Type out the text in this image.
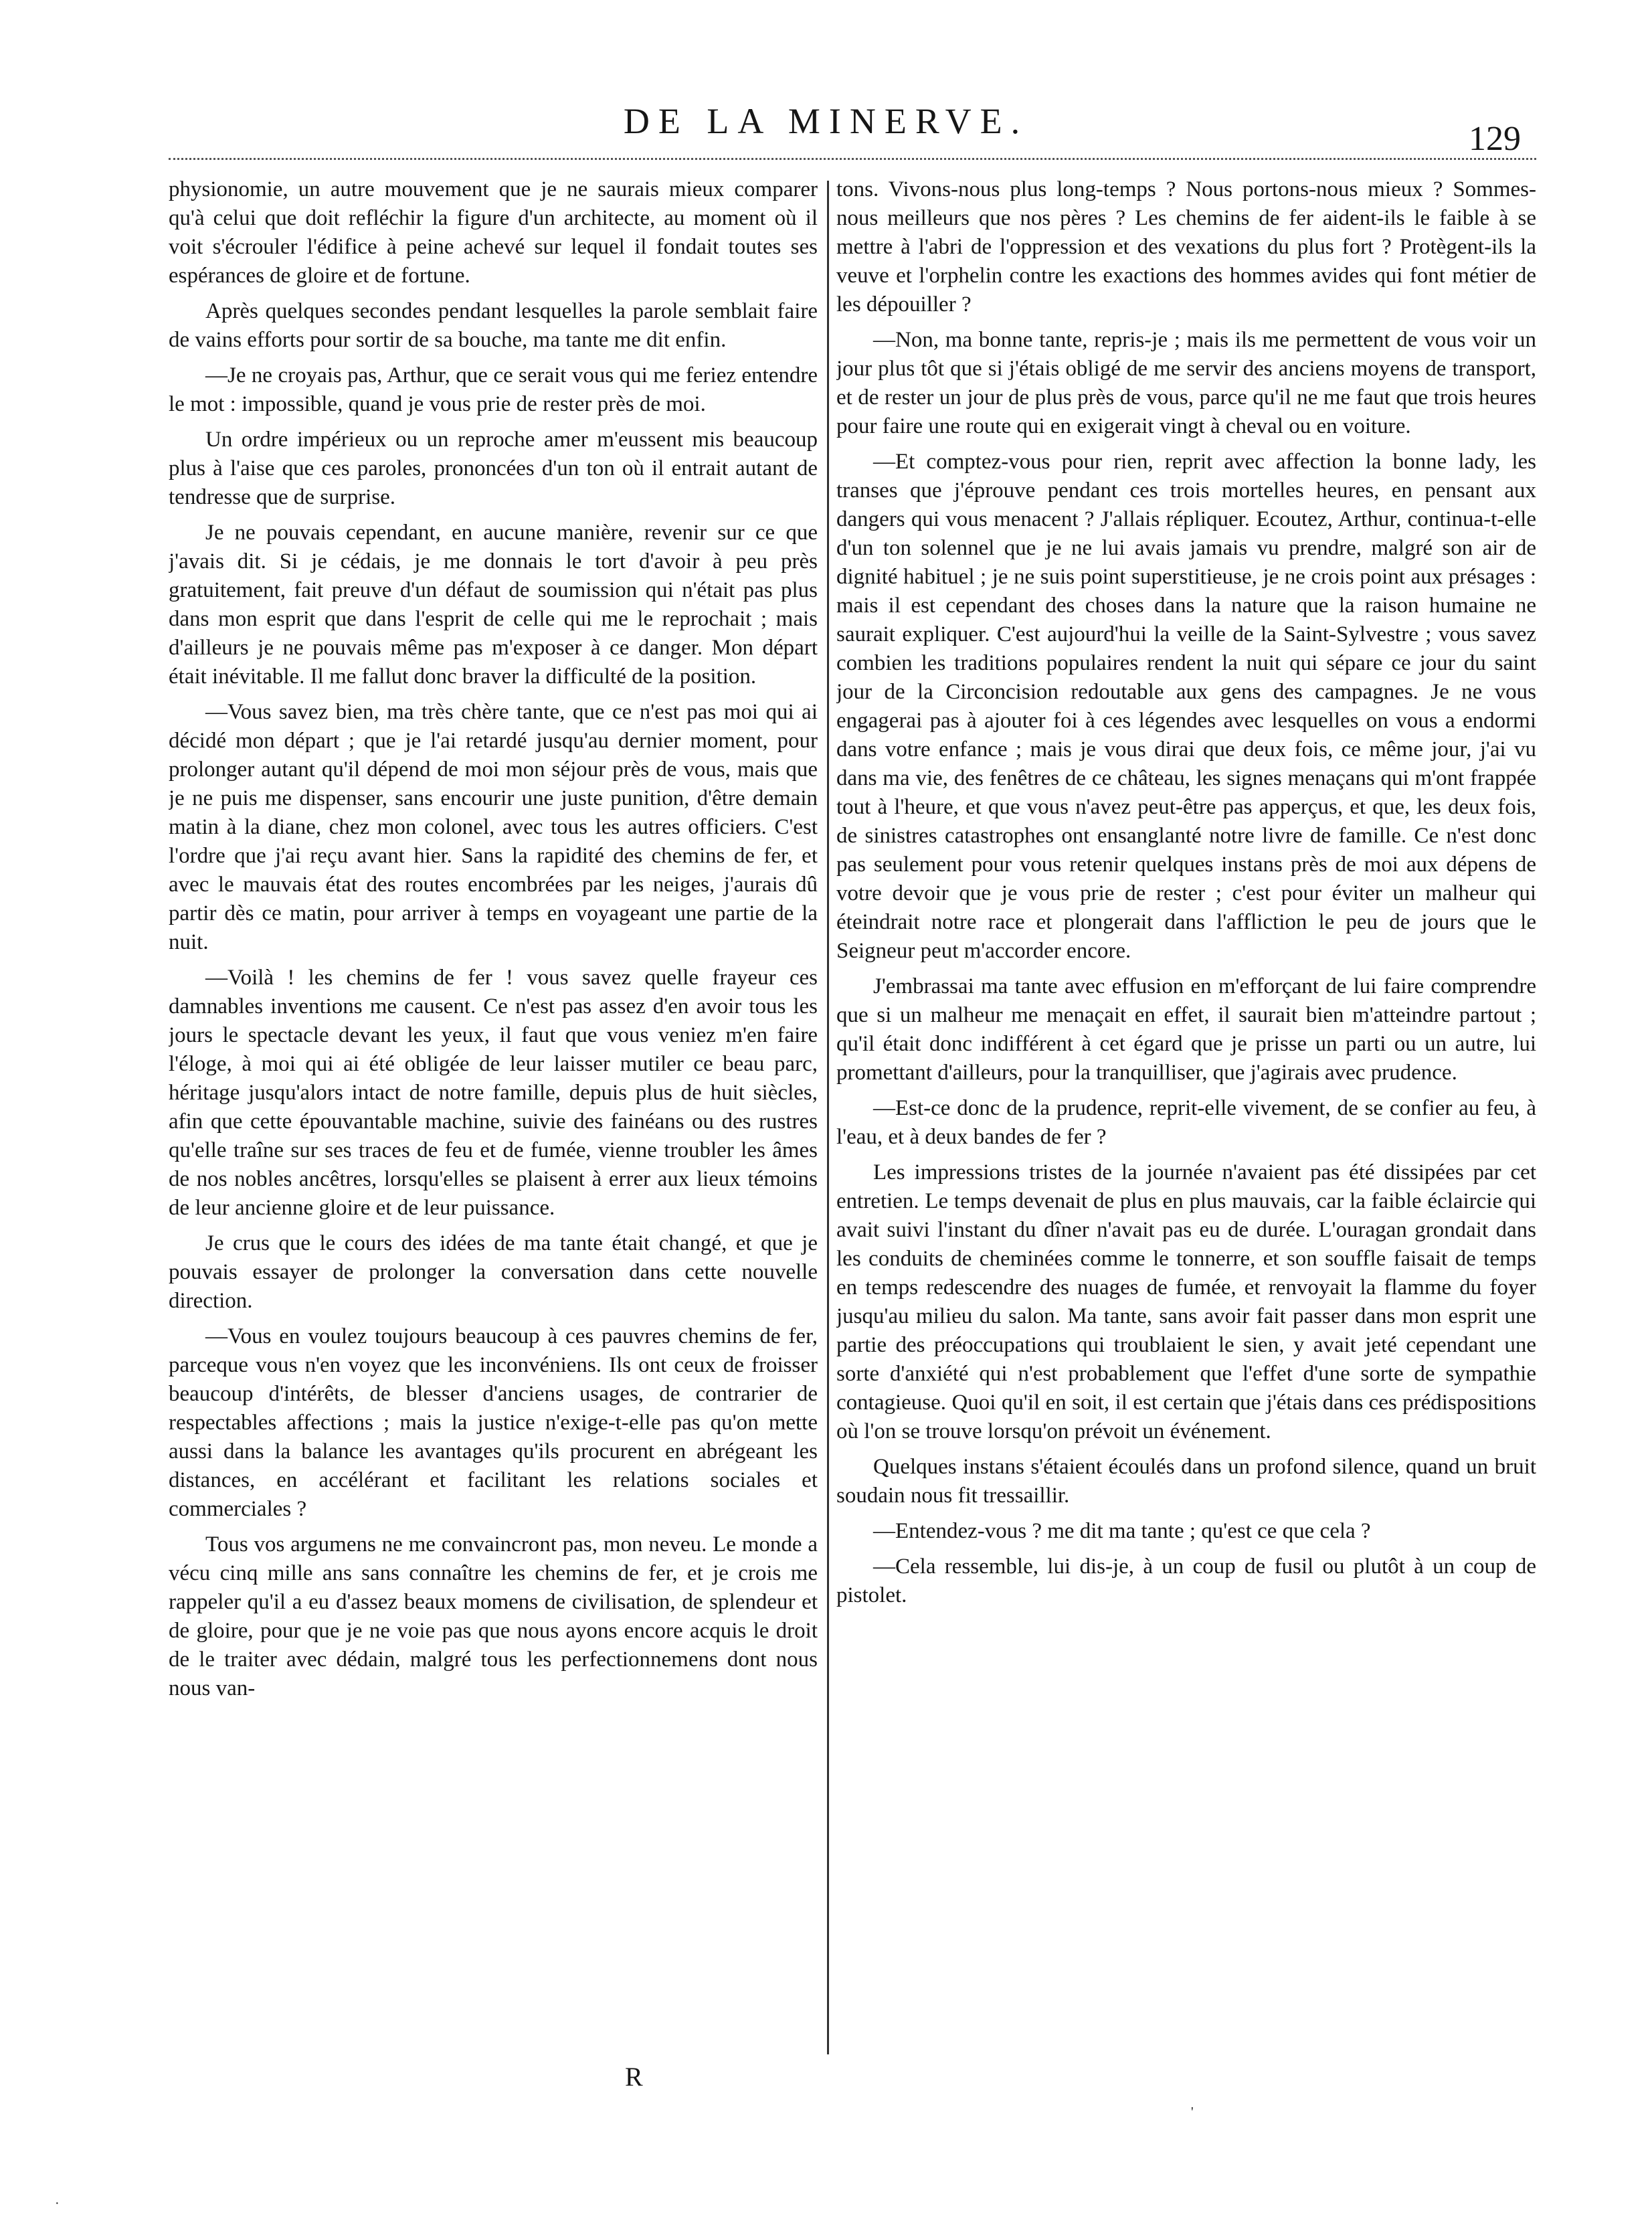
DE LA MINERVE.	129

physionomie, un autre mouvement que je ne saurais mieux comparer qu'à celui que doit refléchir la figure d'un architecte, au moment où il voit s'écrouler l'édifice à peine achevé sur lequel il fondait toutes ses espérances de gloire et de fortune.

Après quelques secondes pendant lesquelles la parole semblait faire de vains efforts pour sortir de sa bouche, ma tante me dit enfin.

—Je ne croyais pas, Arthur, que ce serait vous qui me feriez entendre le mot : impossible, quand je vous prie de rester près de moi.

Un ordre impérieux ou un reproche amer m'eussent mis beaucoup plus à l'aise que ces paroles, prononcées d'un ton où il entrait autant de tendresse que de surprise.

Je ne pouvais cependant, en aucune manière, revenir sur ce que j'avais dit. Si je cédais, je me donnais le tort d'avoir à peu près gratuitement, fait preuve d'un défaut de soumission qui n'était pas plus dans mon esprit que dans l'esprit de celle qui me le reprochait ; mais d'ailleurs je ne pouvais même pas m'exposer à ce danger. Mon départ était inévitable. Il me fallut donc braver la difficulté de la position.

—Vous savez bien, ma très chère tante, que ce n'est pas moi qui ai décidé mon départ ; que je l'ai retardé jusqu'au dernier moment, pour prolonger autant qu'il dépend de moi mon séjour près de vous, mais que je ne puis me dispenser, sans encourir une juste punition, d'être demain matin à la diane, chez mon colonel, avec tous les autres officiers. C'est l'ordre que j'ai reçu avant hier. Sans la rapidité des chemins de fer, et avec le mauvais état des routes encombrées par les neiges, j'aurais dû partir dès ce matin, pour arriver à temps en voyageant une partie de la nuit.

—Voilà ! les chemins de fer ! vous savez quelle frayeur ces damnables inventions me causent. Ce n'est pas assez d'en avoir tous les jours le spectacle devant les yeux, il faut que vous veniez m'en faire l'éloge, à moi qui ai été obligée de leur laisser mutiler ce beau parc, héritage jusqu'alors intact de notre famille, depuis plus de huit siècles, afin que cette épouvantable machine, suivie des fainéans ou des rustres qu'elle traîne sur ses traces de feu et de fumée, vienne troubler les âmes de nos nobles ancêtres, lorsqu'elles se plaisent à errer aux lieux témoins de leur ancienne gloire et de leur puissance.

Je crus que le cours des idées de ma tante était changé, et que je pouvais essayer de prolonger la conversation dans cette nouvelle direction.

—Vous en voulez toujours beaucoup à ces pauvres chemins de fer, parceque vous n'en voyez que les inconvéniens. Ils ont ceux de froisser beaucoup d'intérêts, de blesser d'anciens usages, de contrarier de respectables affections ; mais la justice n'exige-t-elle pas qu'on mette aussi dans la balance les avantages qu'ils procurent en abrégeant les distances, en accélérant et facilitant les relations sociales et commerciales ?

Tous vos argumens ne me convaincront pas, mon neveu. Le monde a vécu cinq mille ans sans connaître les chemins de fer, et je crois me rappeler qu'il a eu d'assez beaux momens de civilisation, de splendeur et de gloire, pour que je ne voie pas que nous ayons encore acquis le droit de le traiter avec dédain, malgré tous les perfectionnemens dont nous nous van-

tons. Vivons-nous plus long-temps ? Nous portons-nous mieux ? Sommes-nous meilleurs que nos pères ? Les chemins de fer aident-ils le faible à se mettre à l'abri de l'oppression et des vexations du plus fort ? Protègent-ils la veuve et l'orphelin contre les exactions des hommes avides qui font métier de les dépouiller ?

—Non, ma bonne tante, repris-je ; mais ils me permettent de vous voir un jour plus tôt que si j'étais obligé de me servir des anciens moyens de transport, et de rester un jour de plus près de vous, parce qu'il ne me faut que trois heures pour faire une route qui en exigerait vingt à cheval ou en voiture.

—Et comptez-vous pour rien, reprit avec affection la bonne lady, les transes que j'éprouve pendant ces trois mortelles heures, en pensant aux dangers qui vous menacent ? J'allais répliquer. Ecoutez, Arthur, continua-t-elle d'un ton solennel que je ne lui avais jamais vu prendre, malgré son air de dignité habituel ; je ne suis point superstitieuse, je ne crois point aux présages : mais il est cependant des choses dans la nature que la raison humaine ne saurait expliquer. C'est aujourd'hui la veille de la Saint-Sylvestre ; vous savez combien les traditions populaires rendent la nuit qui sépare ce jour du saint jour de la Circoncision redoutable aux gens des campagnes. Je ne vous engagerai pas à ajouter foi à ces légendes avec lesquelles on vous a endormi dans votre enfance ; mais je vous dirai que deux fois, ce même jour, j'ai vu dans ma vie, des fenêtres de ce château, les signes menaçans qui m'ont frappée tout à l'heure, et que vous n'avez peut-être pas apperçus, et que, les deux fois, de sinistres catastrophes ont ensanglanté notre livre de famille. Ce n'est donc pas seulement pour vous retenir quelques instans près de moi aux dépens de votre devoir que je vous prie de rester ; c'est pour éviter un malheur qui éteindrait notre race et plongerait dans l'affliction le peu de jours que le Seigneur peut m'accorder encore.

J'embrassai ma tante avec effusion en m'efforçant de lui faire comprendre que si un malheur me menaçait en effet, il saurait bien m'atteindre partout ; qu'il était donc indifférent à cet égard que je prisse un parti ou un autre, lui promettant d'ailleurs, pour la tranquilliser, que j'agirais avec prudence.

—Est-ce donc de la prudence, reprit-elle vivement, de se confier au feu, à l'eau, et à deux bandes de fer ?

Les impressions tristes de la journée n'avaient pas été dissipées par cet entretien. Le temps devenait de plus en plus mauvais, car la faible éclaircie qui avait suivi l'instant du dîner n'avait pas eu de durée. L'ouragan grondait dans les conduits de cheminées comme le tonnerre, et son souffle faisait de temps en temps redescendre des nuages de fumée, et renvoyait la flamme du foyer jusqu'au milieu du salon. Ma tante, sans avoir fait passer dans mon esprit une partie des préoccupations qui troublaient le sien, y avait jeté cependant une sorte d'anxiété qui n'est probablement que l'effet d'une sorte de sympathie contagieuse. Quoi qu'il en soit, il est certain que j'étais dans ces prédispositions où l'on se trouve lorsqu'on prévoit un événement.

Quelques instans s'étaient écoulés dans un profond silence, quand un bruit soudain nous fit tressaillir.

—Entendez-vous ? me dit ma tante ; qu'est ce que cela ?

—Cela ressemble, lui dis-je, à un coup de fusil ou plutôt à un coup de pistolet.

R
·
'
